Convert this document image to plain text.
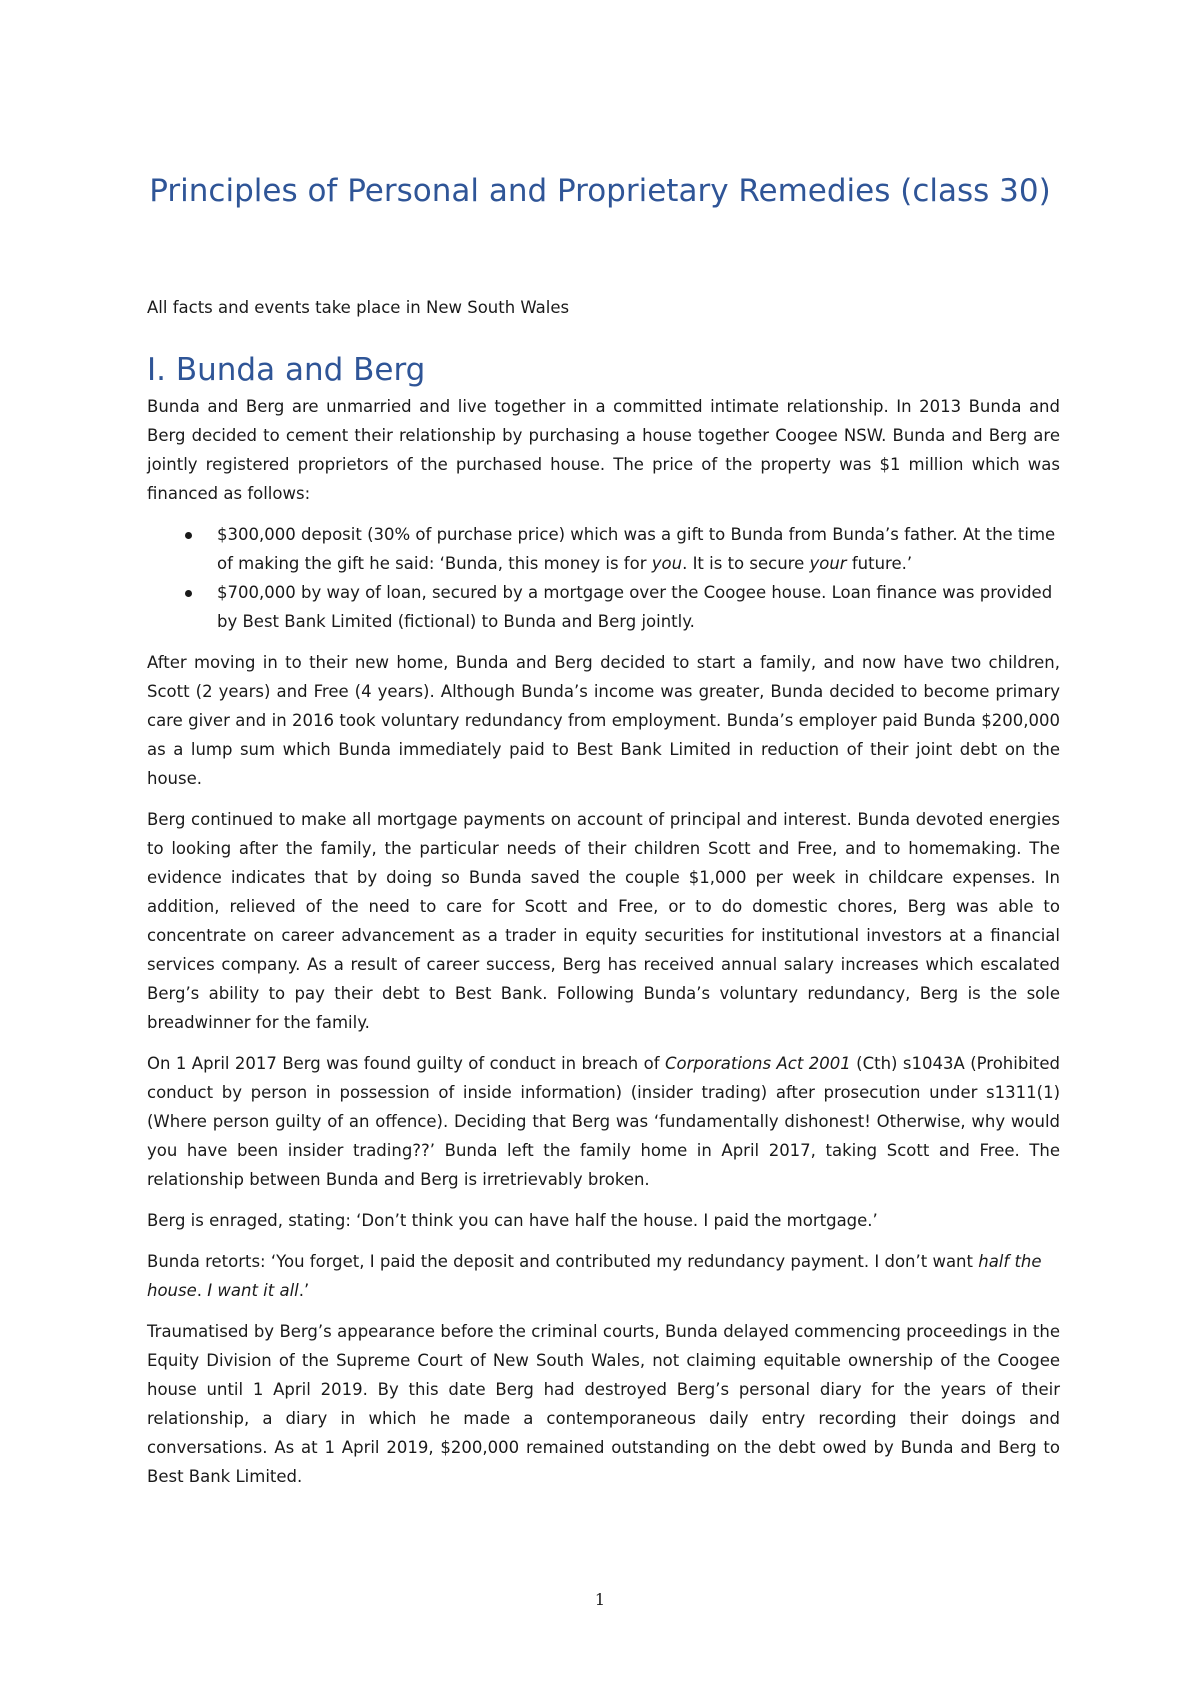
Principles of Personal and Proprietary Remedies (class 30)

All facts and events take place in New South Wales

I. Bunda and Berg

Bunda and Berg are unmarried and live together in a committed intimate relationship. In 2013 Bunda and Berg decided to cement their relationship by purchasing a house together Coogee NSW. Bunda and Berg are jointly registered proprietors of the purchased house. The price of the property was $1 million which was financed as follows:

$300,000 deposit (30% of purchase price) which was a gift to Bunda from Bunda’s father. At the time of making the gift he said: ‘Bunda, this money is for you. It is to secure your future.’
$700,000 by way of loan, secured by a mortgage over the Coogee house. Loan finance was provided by Best Bank Limited (fictional) to Bunda and Berg jointly.

After moving in to their new home, Bunda and Berg decided to start a family, and now have two children, Scott (2 years) and Free (4 years). Although Bunda’s income was greater, Bunda decided to become primary care giver and in 2016 took voluntary redundancy from employment. Bunda’s employer paid Bunda $200,000 as a lump sum which Bunda immediately paid to Best Bank Limited in reduction of their joint debt on the house.

Berg continued to make all mortgage payments on account of principal and interest. Bunda devoted energies to looking after the family, the particular needs of their children Scott and Free, and to homemaking. The evidence indicates that by doing so Bunda saved the couple $1,000 per week in childcare expenses. In addition, relieved of the need to care for Scott and Free, or to do domestic chores, Berg was able to concentrate on career advancement as a trader in equity securities for institutional investors at a financial services company. As a result of career success, Berg has received annual salary increases which escalated Berg’s ability to pay their debt to Best Bank. Following Bunda’s voluntary redundancy, Berg is the sole breadwinner for the family.

On 1 April 2017 Berg was found guilty of conduct in breach of Corporations Act 2001 (Cth) s1043A (Prohibited conduct by person in possession of inside information) (insider trading) after prosecution under s1311(1) (Where person guilty of an offence). Deciding that Berg was ‘fundamentally dishonest! Otherwise, why would you have been insider trading??’ Bunda left the family home in April 2017, taking Scott and Free. The relationship between Bunda and Berg is irretrievably broken.

Berg is enraged, stating: ‘Don’t think you can have half the house. I paid the mortgage.’

Bunda retorts: ‘You forget, I paid the deposit and contributed my redundancy payment. I don’t want half the house. I want it all.’

Traumatised by Berg’s appearance before the criminal courts, Bunda delayed commencing proceedings in the Equity Division of the Supreme Court of New South Wales, not claiming equitable ownership of the Coogee house until 1 April 2019. By this date Berg had destroyed Berg’s personal diary for the years of their relationship, a diary in which he made a contemporaneous daily entry recording their doings and conversations. As at 1 April 2019, $200,000 remained outstanding on the debt owed by Bunda and Berg to Best Bank Limited.

1
